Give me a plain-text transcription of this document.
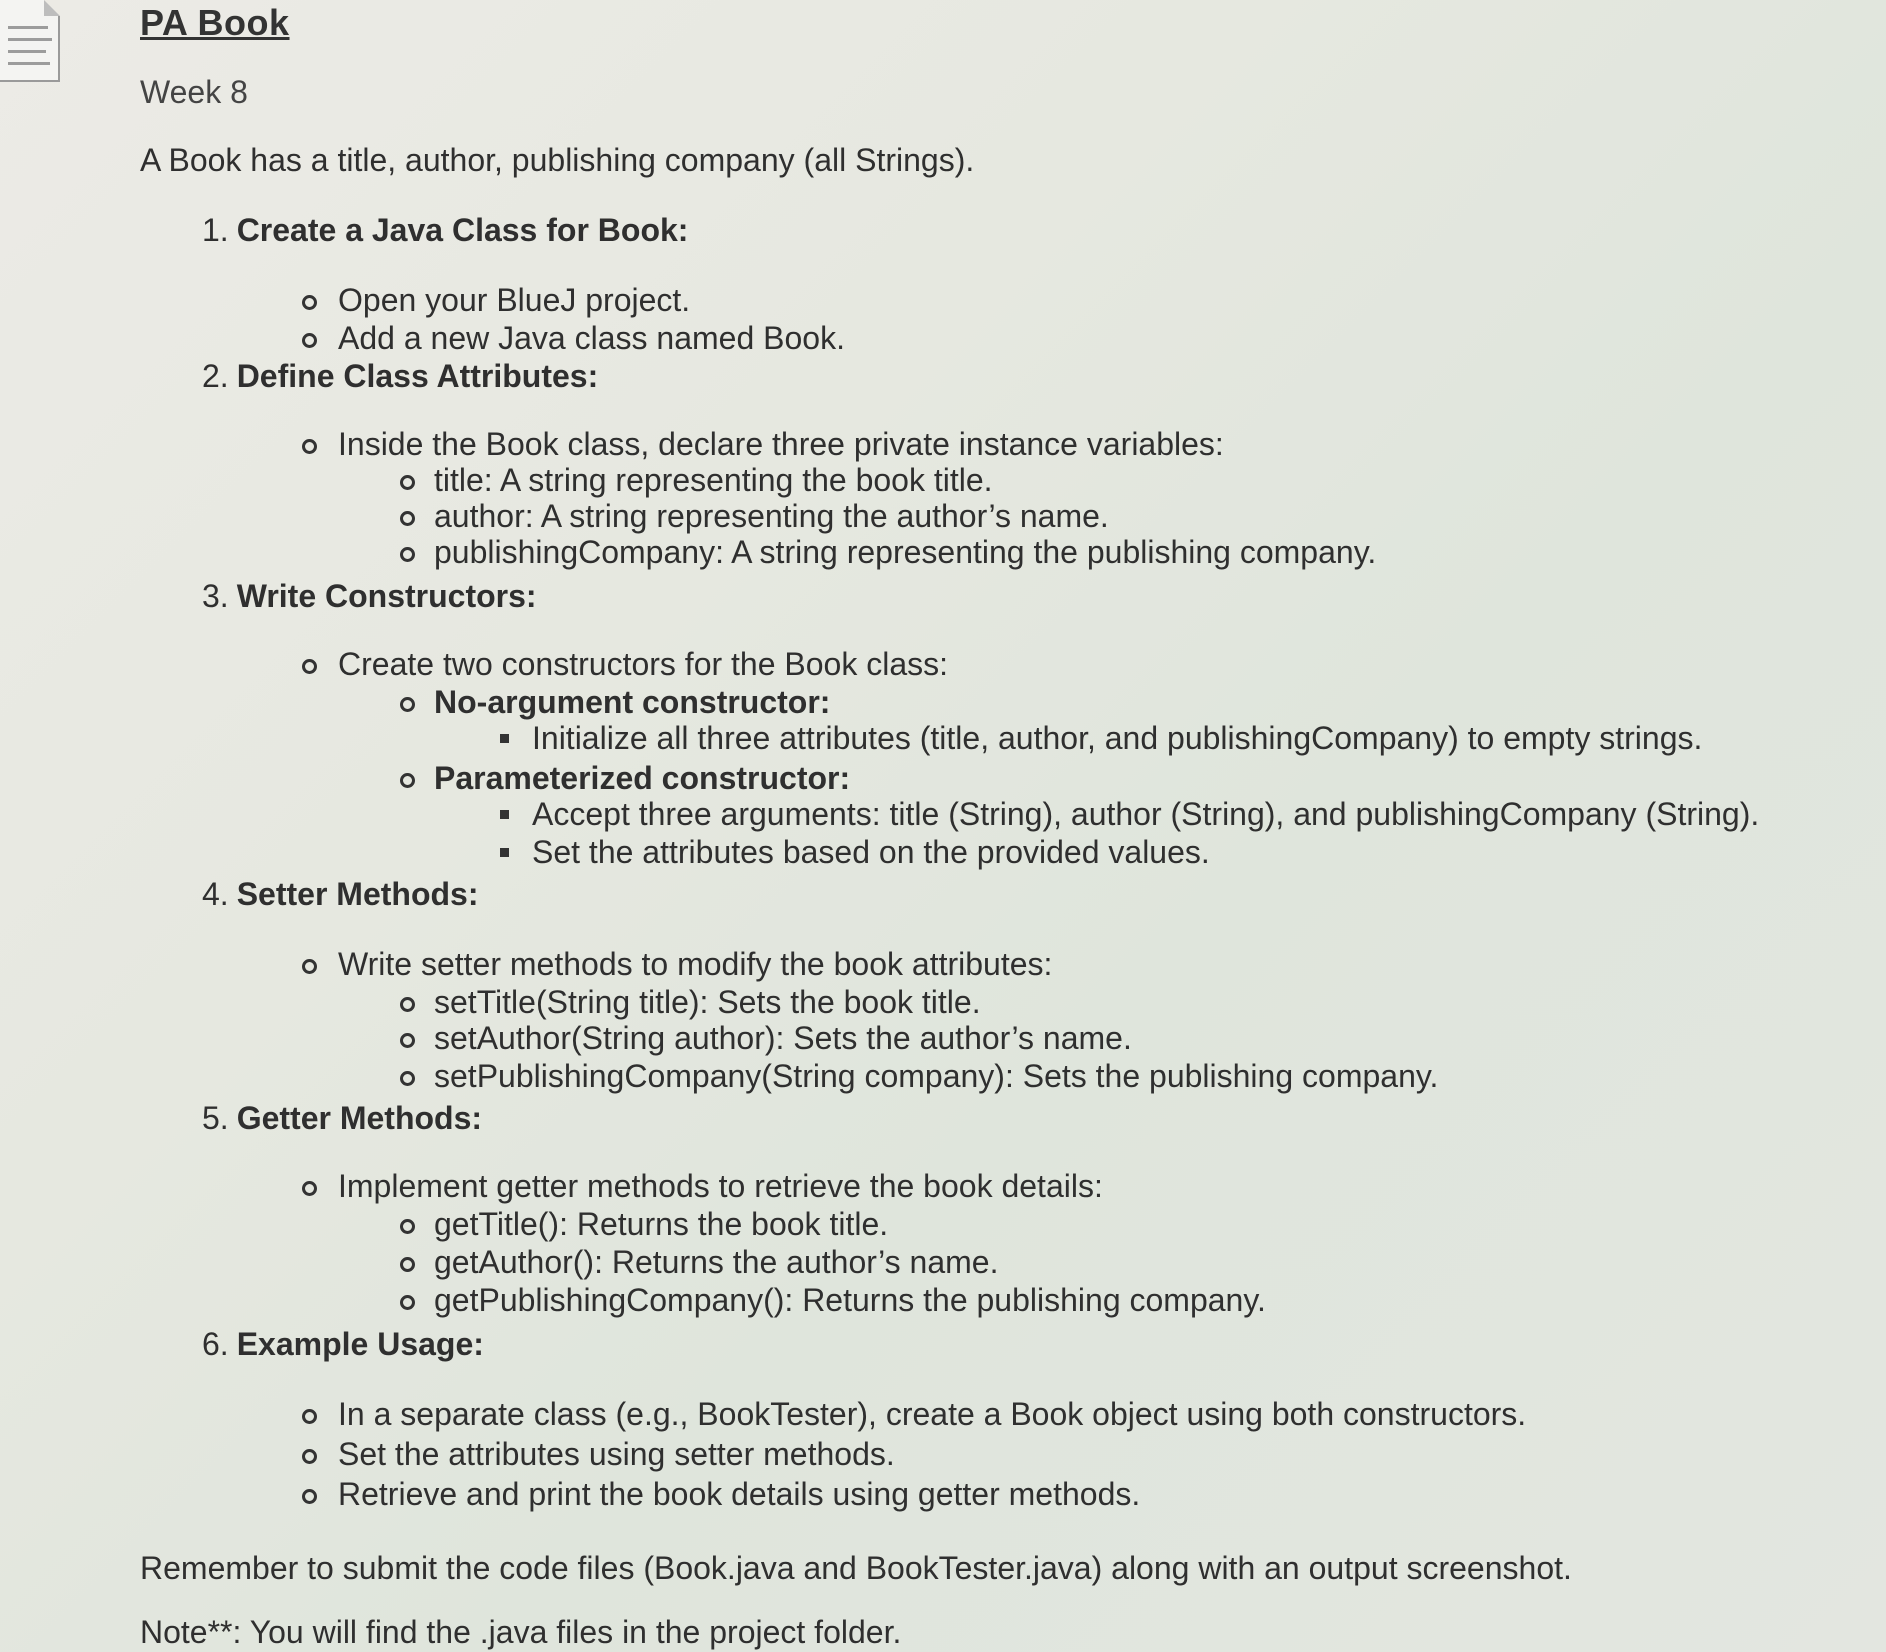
PA Book
Week 8
A Book has a title, author, publishing company (all Strings).
1. Create a Java Class for Book:
Open your BlueJ project.
Add a new Java class named Book.
2. Define Class Attributes:
Inside the Book class, declare three private instance variables:
title: A string representing the book title.
author: A string representing the author’s name.
publishingCompany: A string representing the publishing company.
3. Write Constructors:
Create two constructors for the Book class:
No-argument constructor:
Initialize all three attributes (title, author, and publishingCompany) to empty strings.
Parameterized constructor:
Accept three arguments: title (String), author (String), and publishingCompany (String).
Set the attributes based on the provided values.
4. Setter Methods:
Write setter methods to modify the book attributes:
setTitle(String title): Sets the book title.
setAuthor(String author): Sets the author’s name.
setPublishingCompany(String company): Sets the publishing company.
5. Getter Methods:
Implement getter methods to retrieve the book details:
getTitle(): Returns the book title.
getAuthor(): Returns the author’s name.
getPublishingCompany(): Returns the publishing company.
6. Example Usage:
In a separate class (e.g., BookTester), create a Book object using both constructors.
Set the attributes using setter methods.
Retrieve and print the book details using getter methods.
Remember to submit the code files (Book.java and BookTester.java) along with an output screenshot.
Note**: You will find the .java files in the project folder.
